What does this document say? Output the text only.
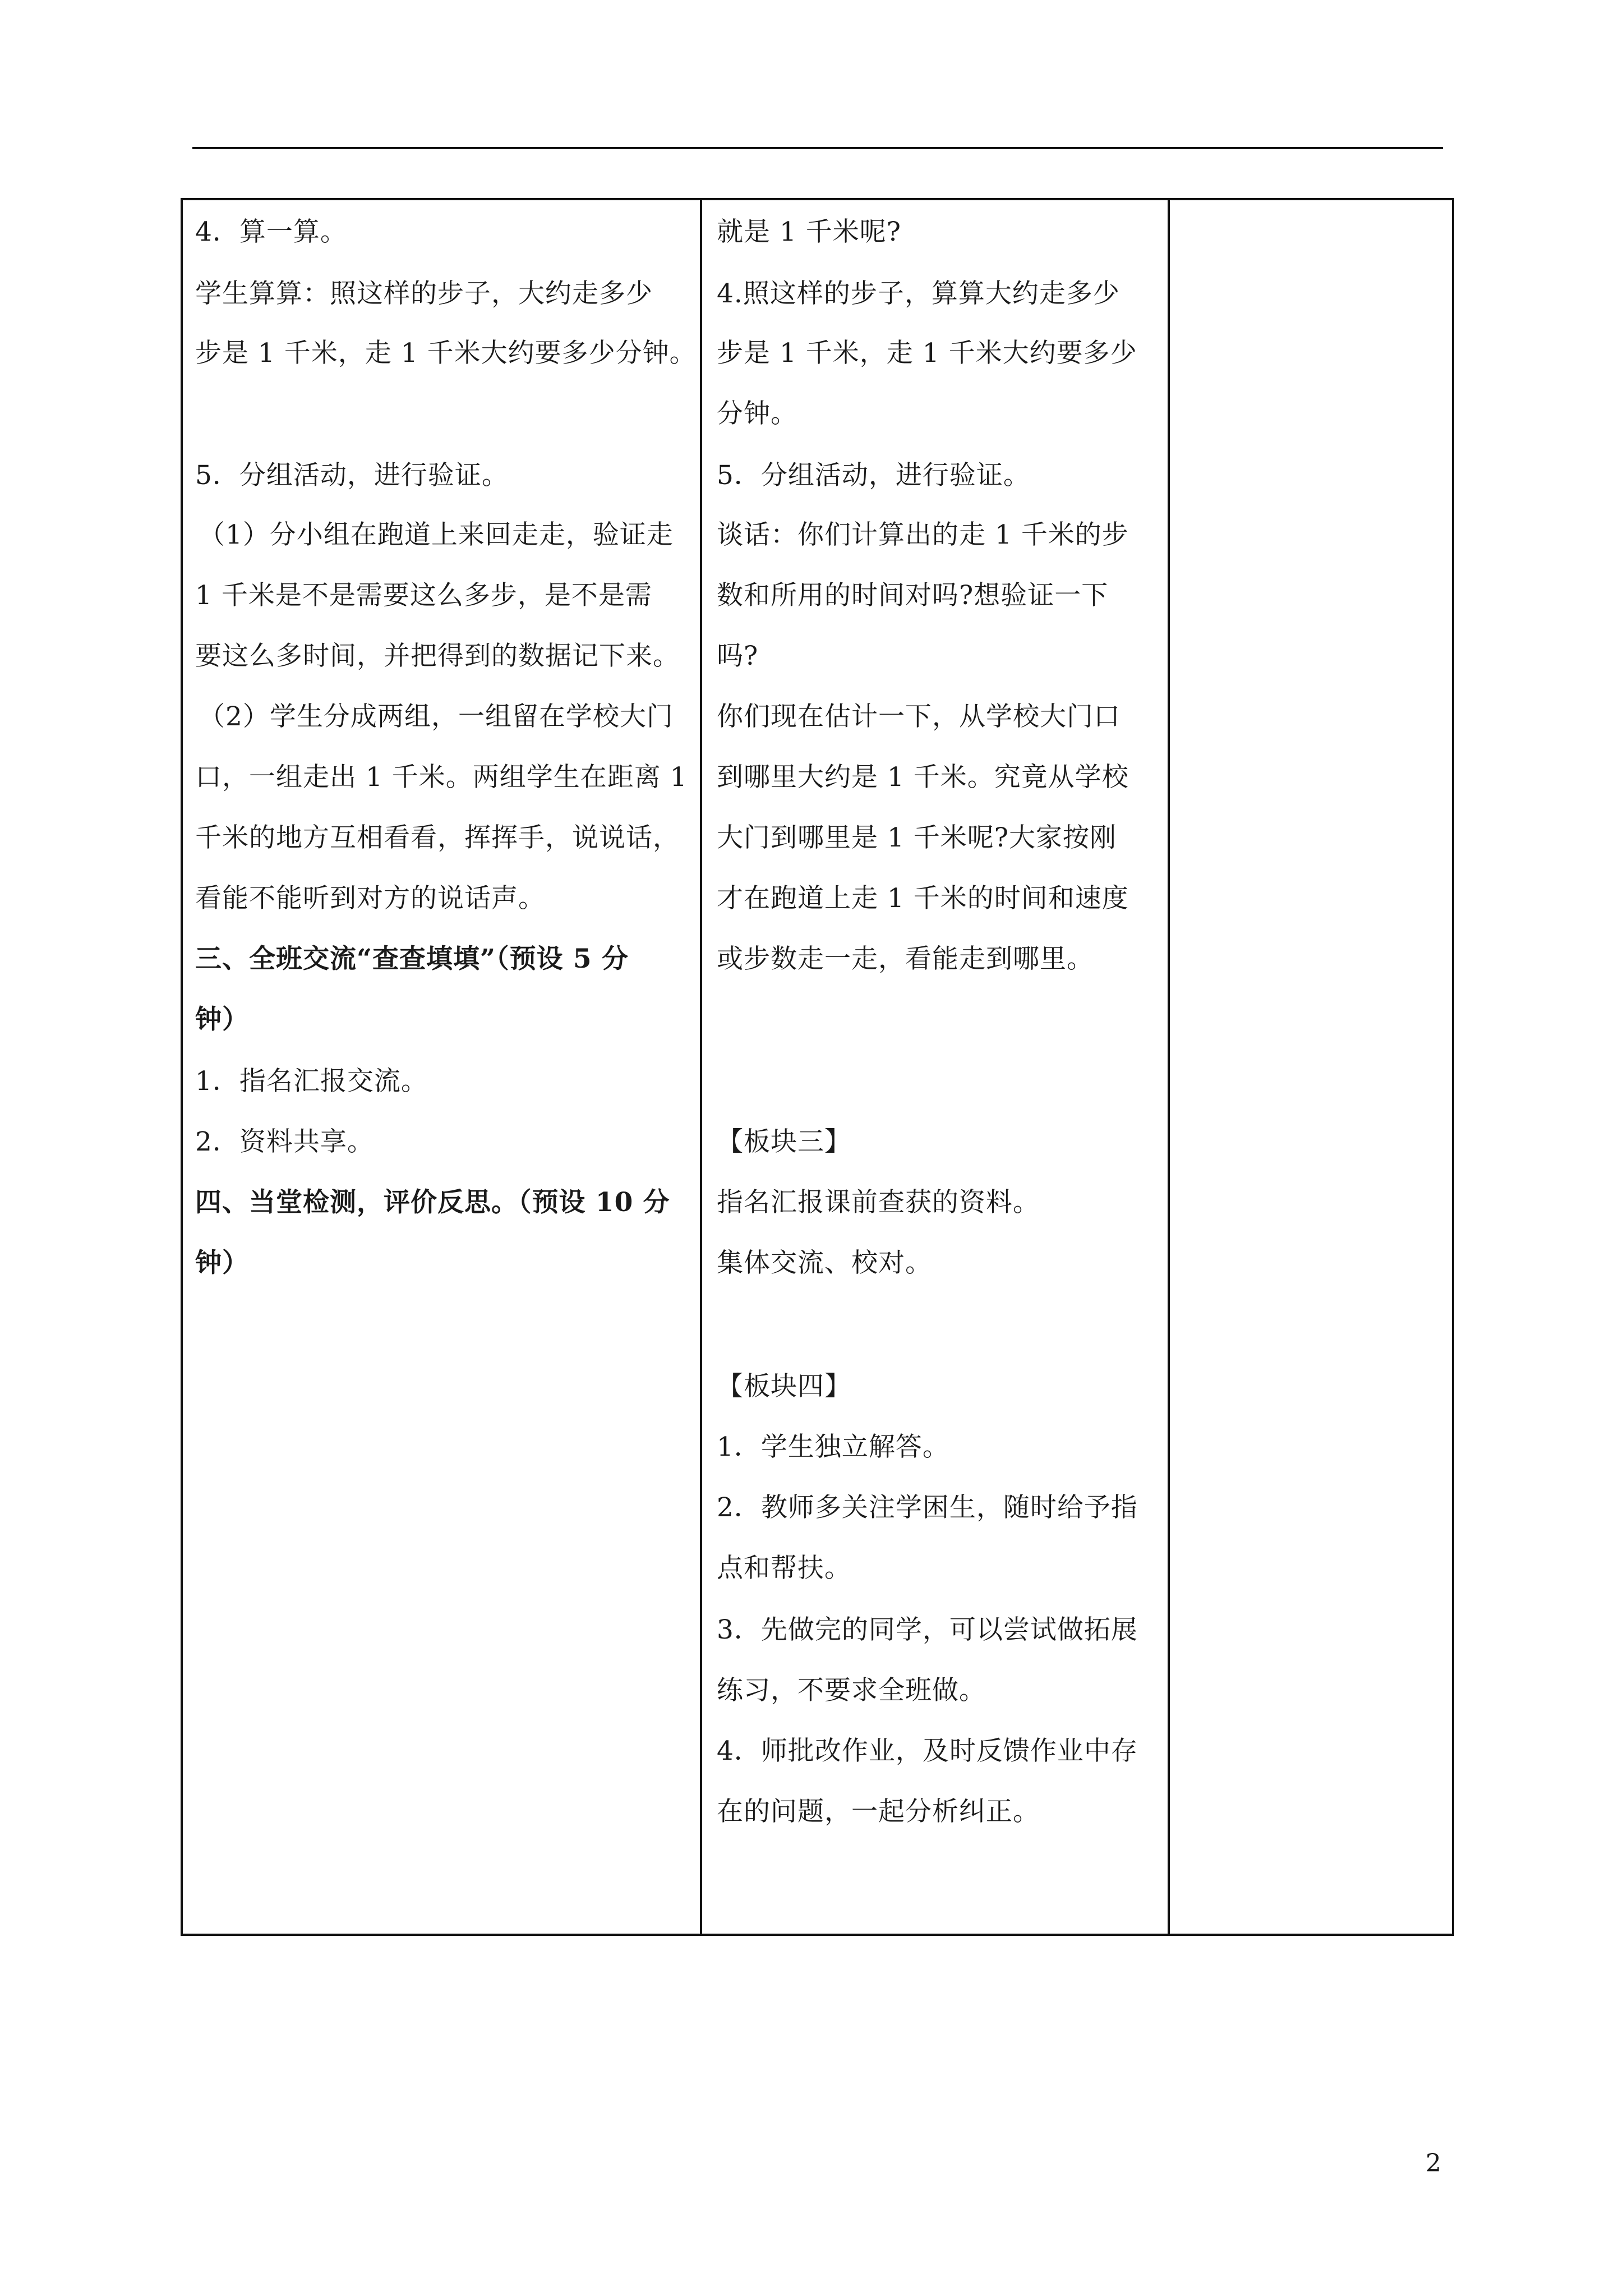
4．算一算。
学生算算：照这样的步子，大约走多少
步是 1 千米，走 1 千米大约要多少分钟。
5．分组活动，进行验证。
（1）分小组在跑道上来回走走，验证走
1 千米是不是需要这么多步，是不是需
要这么多时间，并把得到的数据记下来。
（2）学生分成两组，一组留在学校大门
口，一组走出 1 千米。两组学生在距离 1
千米的地方互相看看，挥挥手，说说话，
看能不能听到对方的说话声。
三、全班交流“查查填填”（预设 5 分
钟）
1．指名汇报交流。
2．资料共享。
四、当堂检测，评价反思。（预设 10 分
钟）
就是 1 千米呢?
4.照这样的步子，算算大约走多少
步是 1 千米，走 1 千米大约要多少
分钟。
5．分组活动，进行验证。
谈话：你们计算出的走 1 千米的步
数和所用的时间对吗?想验证一下
吗?
你们现在估计一下，从学校大门口
到哪里大约是 1 千米。究竟从学校
大门到哪里是 1 千米呢?大家按刚
才在跑道上走 1 千米的时间和速度
或步数走一走，看能走到哪里。
【板块三】
指名汇报课前查获的资料。
集体交流、校对。
【板块四】
1．学生独立解答。
2．教师多关注学困生，随时给予指
点和帮扶。
3．先做完的同学，可以尝试做拓展
练习，不要求全班做。
4．师批改作业，及时反馈作业中存
在的问题，一起分析纠正。
2
